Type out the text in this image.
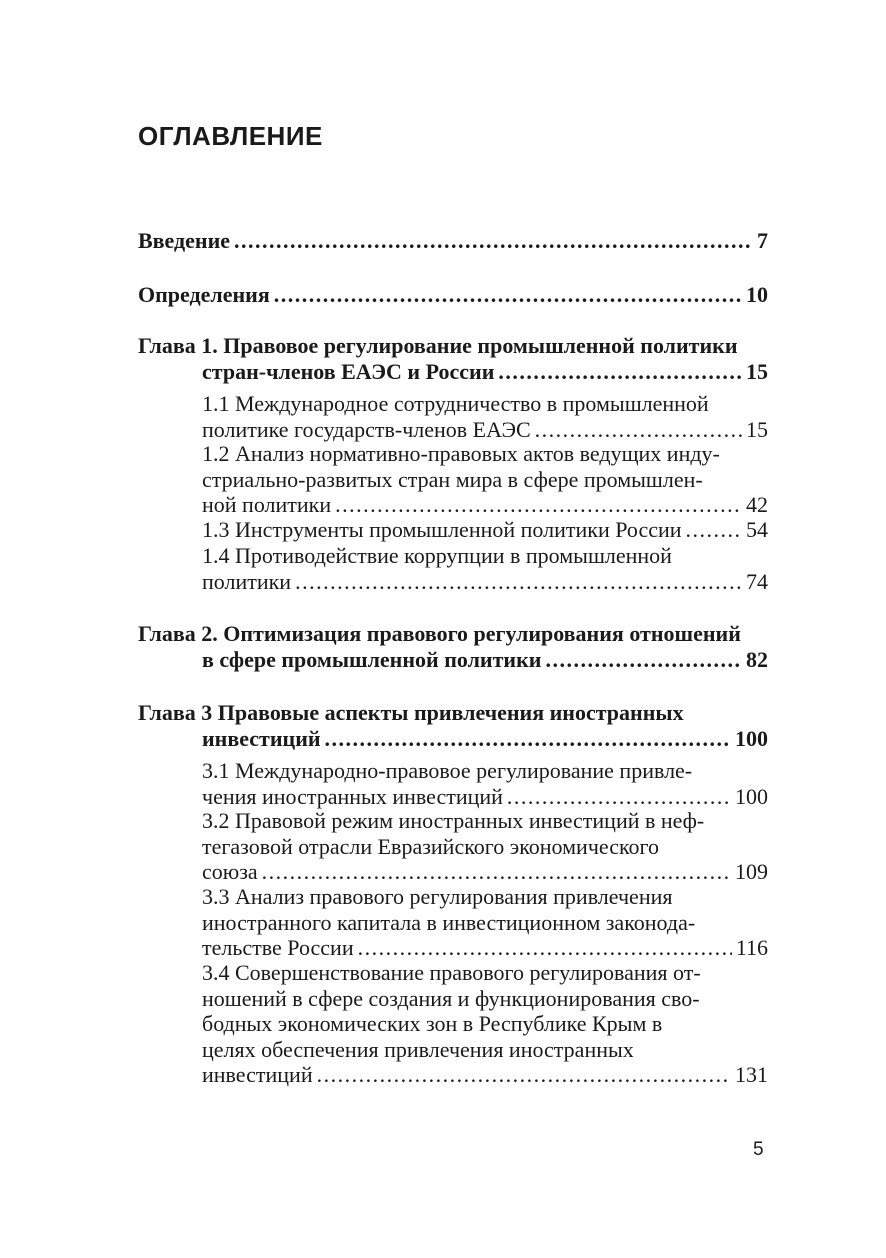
ОГЛАВЛЕНИЕ
Введение . . .	7
Определения . . .	10
Глава 1. Правовое регулирование промышленной политики
стран-членов ЕАЭС и России . . .	15
1.1 Международное сотрудничество в промышленной
политике государств-членов ЕАЭС . . .	15
1.2 Анализ нормативно-правовых актов ведущих инду-
стриально-развитых стран мира в сфере промышлен-
ной политики . . .	42
1.3 Инструменты промышленной политики России . . .	54
1.4 Противодействие коррупции в промышленной
политики . . .	74
Глава 2. Оптимизация правового регулирования отношений
в сфере промышленной политики . . .	82
Глава 3 Правовые аспекты привлечения иностранных
инвестиций . . .	100
3.1 Международно-правовое регулирование привле-
чения иностранных инвестиций . . .	100
3.2 Правовой режим иностранных инвестиций в неф-
тегазовой отрасли Евразийского экономического
союза . . .	109
3.3 Анализ правового регулирования привлечения
иностранного капитала в инвестиционном законода-
тельстве России . . .	116
3.4 Совершенствование правового регулирования от-
ношений в сфере создания и функционирования сво-
бодных экономических зон в Республике Крым в
целях обеспечения привлечения иностранных
инвестиций . . .	131
5
